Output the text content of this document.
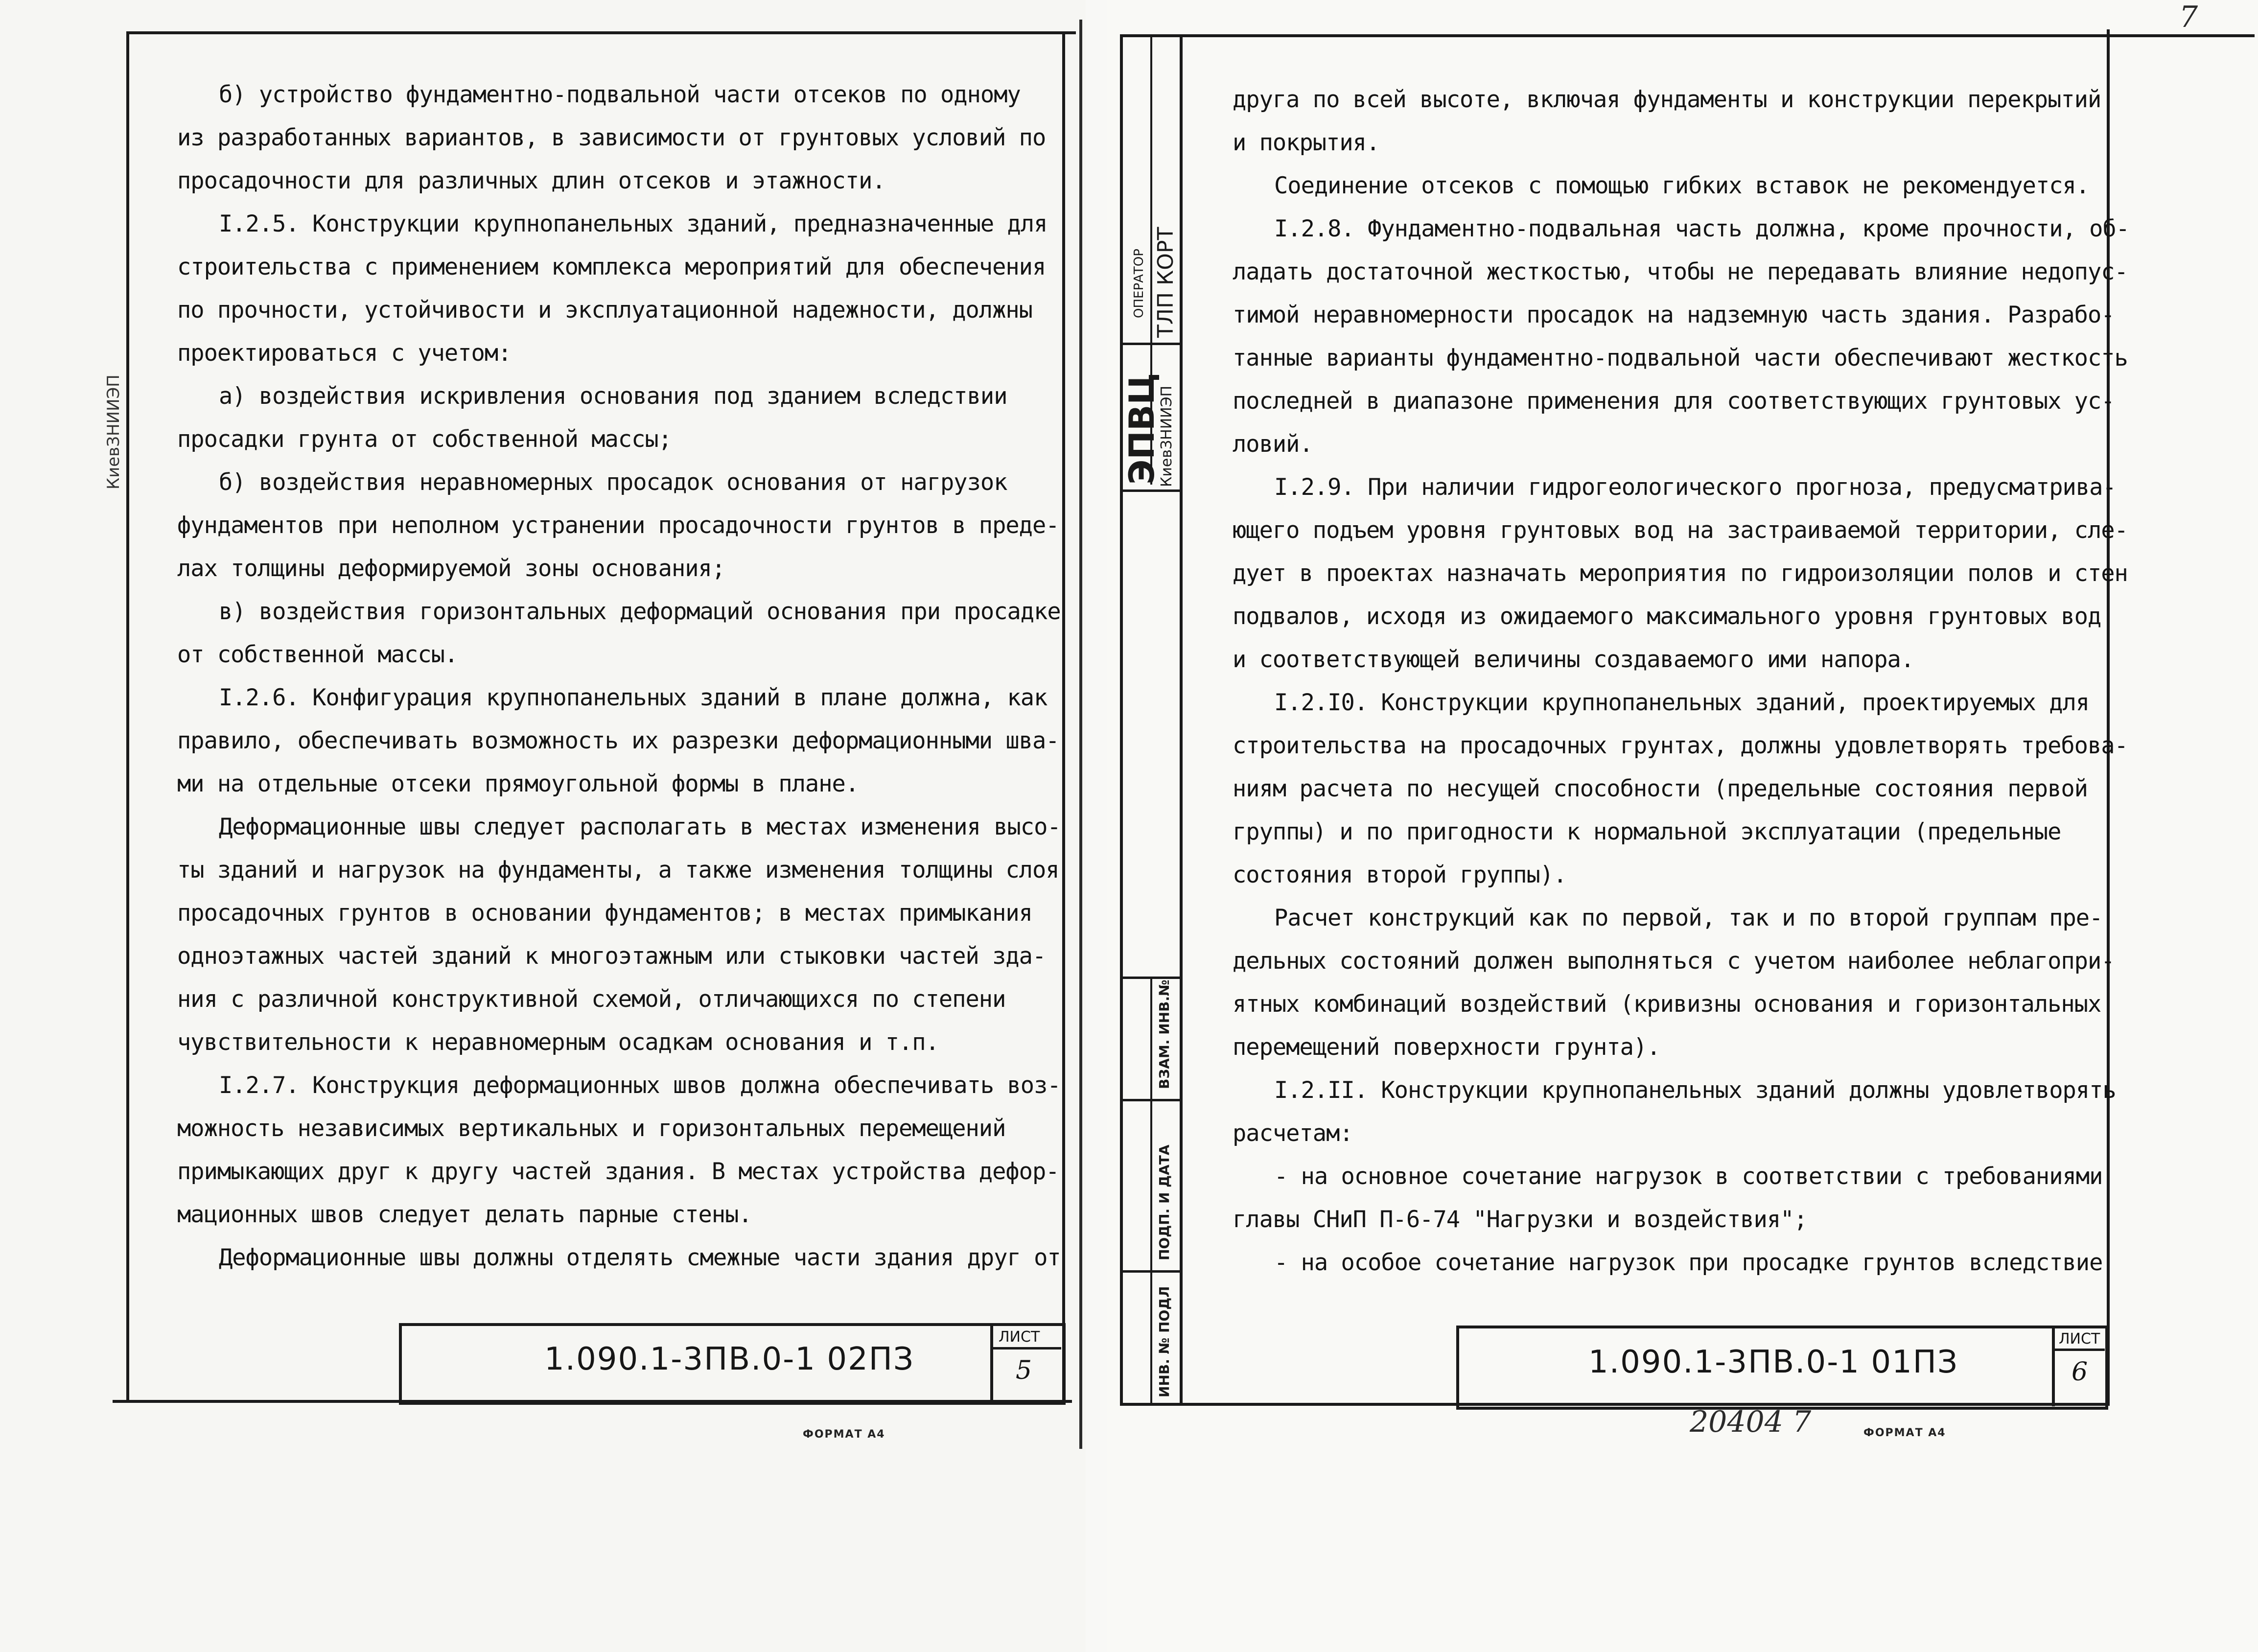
КиевЗНИИЭП

б) устройство фундаментно-подвальной части отсеков по одному

из разработанных вариантов, в зависимости от грунтовых условий по

просадочности для различных длин отсеков и этажности.

I.2.5. Конструкции крупнопанельных зданий, предназначенные для

строительства с применением комплекса мероприятий для обеспечения

по прочности, устойчивости и эксплуатационной надежности, должны

проектироваться с учетом:

а) воздействия искривления основания под зданием вследствии

просадки грунта от собственной массы;

б) воздействия неравномерных просадок основания от нагрузок

фундаментов при неполном устранении просадочности грунтов в преде-

лах толщины деформируемой зоны основания;

в) воздействия горизонтальных деформаций основания при просадке

от собственной массы.

I.2.6. Конфигурация крупнопанельных зданий в плане должна, как

правило, обеспечивать возможность их разрезки деформационными шва-

ми на отдельные отсеки прямоугольной формы в плане.

Деформационные швы следует располагать в местах изменения высо-

ты зданий и нагрузок на фундаменты, а также изменения толщины слоя

просадочных грунтов в основании фундаментов; в местах примыкания

одноэтажных частей зданий к многоэтажным или стыковки частей зда-

ния с различной конструктивной схемой, отличающихся по степени

чувствительности к неравномерным осадкам основания и т.п.

I.2.7. Конструкция деформационных швов должна обеспечивать воз-

можность независимых вертикальных и горизонтальных перемещений

примыкающих друг к другу частей здания. В местах устройства дефор-

мационных швов следует делать парные стены.

Деформационные швы должны отделять смежные части здания друг от

1.090.1-3ПВ.0-1 02ПЗ
ЛИСТ
5
ФОРМАТ А4
ЭПВЦ
КиевЗНИИЭП
ОПЕРАТОР ТЛП КОРТ
ИНВ. № ПОДЛ
ПОДП. И ДАТА
ВЗАМ. ИНВ.№
7

друга по всей высоте, включая фундаменты и конструкции перекрытий

и покрытия.

Соединение отсеков с помощью гибких вставок не рекомендуется.

I.2.8. Фундаментно-подвальная часть должна, кроме прочности, об-

ладать достаточной жесткостью, чтобы не передавать влияние недопус-

тимой неравномерности просадок на надземную часть здания. Разрабо-

танные варианты фундаментно-подвальной части обеспечивают жесткость

последней в диапазоне применения для соответствующих грунтовых ус-

ловий.

I.2.9. При наличии гидрогеологического прогноза, предусматрива-

ющего подъем уровня грунтовых вод на застраиваемой территории, сле-

дует в проектах назначать мероприятия по гидроизоляции полов и стен

подвалов, исходя из ожидаемого максимального уровня грунтовых вод

и соответствующей величины создаваемого ими напора.

I.2.I0. Конструкции крупнопанельных зданий, проектируемых для

строительства на просадочных грунтах, должны удовлетворять требова-

ниям расчета по несущей способности (предельные состояния первой

группы) и по пригодности к нормальной эксплуатации (предельные

состояния второй группы).

Расчет конструкций как по первой, так и по второй группам пре-

дельных состояний должен выполняться с учетом наиболее неблагопри-

ятных комбинаций воздействий (кривизны основания и горизонтальных

перемещений поверхности грунта).

I.2.II. Конструкции крупнопанельных зданий должны удовлетворять

расчетам:

- на основное сочетание нагрузок в соответствии с требованиями

главы СНиП П-6-74 "Нагрузки и воздействия";

- на особое сочетание нагрузок при просадке грунтов вследствие

1.090.1-3ПВ.0-1 01ПЗ
ЛИСТ
6
20404 7	ФОРМАТ А4
